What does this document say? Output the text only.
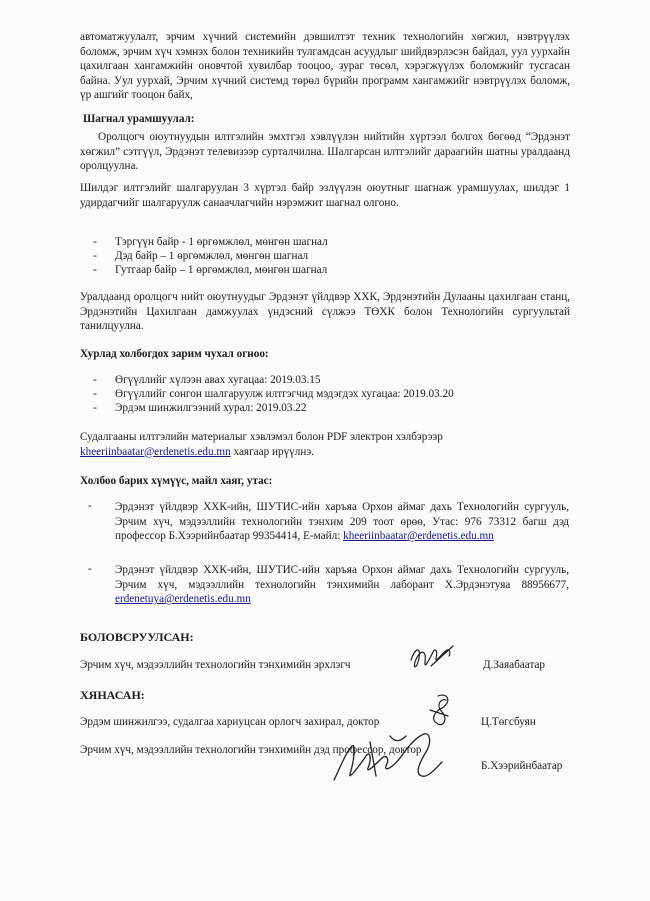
автоматжуулалт, эрчим хүчний системийн дэвшилтэт техник технологийн хөгжил, нэвтрүүлэх боломж, эрчим хүч хэмнэх болон техникийн тулгамдсан асуудлыг шийдвэрлэсэн байдал, уул уурхайн цахилгаан хангамжийн оновчтой хувилбар тооцоо, зураг төсөл, хэрэгжүүлэх боломжийг тусгасан байна. Уул уурхай, Эрчим хүчний системд төрөл бүрийн программ хангамжийг нэвтрүүлэх боломж, үр ашгийг тооцон байх,

Шагнал урамшуулал:

Оролцогч оюутнуудын илтгэлийн эмхтгэл хэвлүүлэн нийтийн хүртээл болгох бөгөөд “Эрдэнэт хөгжил” сэтгүүл, Эрдэнэт телевизээр сурталчилна. Шалгарсан илтгэлийг дараагийн шатны уралдаанд оролцуулна.

Шилдэг илтгэлийг шалгаруулан 3 хүртэл байр эзлүүлэн оюутныг шагнаж урамшуулах, шилдэг 1 удирдагчийг шалгаруулж санаачлагчийн нэрэмжит шагнал олгоно.

- Тэргүүн байр - 1 өргөмжлөл, мөнгөн шагнал
- Дэд байр – 1 өргөмжлөл, мөнгөн шагнал
- Гутгаар байр – 1 өргөмжлөл, мөнгөн шагнал

Уралдаанд оролцогч нийт оюутнуудыг Эрдэнэт үйлдвэр ХХК, Эрдэнэтийн Дулааны цахилгаан станц, Эрдэнэтийн Цахилгаан дамжуулах үндэсний сүлжээ ТӨХК болон Технологийн сургуультай танилцуулна.

Хурлад холбогдох зарим чухал огноо:

- Өгүүллийг хүлээн авах хугацаа: 2019.03.15
- Өгүүллийг сонгон шалгаруулж илтгэгчид мэдэгдэх хугацаа: 2019.03.20
- Эрдэм шинжилгээний хурал: 2019.03.22

Судалгааны илтгэлийн материалыг хэвлэмэл болон PDF электрон хэлбэрээр
kheeriinbaatar@erdenetis.edu.mn хаягаар ирүүлнэ.

Холбоо барих хүмүүс, майл хаяг, утас:

- Эрдэнэт үйлдвэр ХХК-ийн, ШУТИС-ийн харъяа Орхон аймаг дахь Технологийн сургууль, Эрчим хүч, мэдээллийн технологийн тэнхим 209 тоот өрөө, Утас: 976 73312 багш дэд профессор Б.Хээрийнбаатар 99354414, E-майл: kheeriinbaatar@erdenetis.edu.mn

- Эрдэнэт үйлдвэр ХХК-ийн, ШУТИС-ийн харъяа Орхон аймаг дахь Технологийн сургууль, Эрчим хүч, мэдээллийн технологийн тэнхимийн лаборант Х.Эрдэнэтуяа 88956677, erdenetuya@erdenetis.edu.mn

БОЛОВСРУУЛСАН:

Эрчим хүч, мэдээллийн технологийн тэнхимийн эрхлэгч	Д.Заяабаатар

ХЯНАСАН:

Эрдэм шинжилгээ, судалгаа хариуцсан орлогч захирал, доктор	Ц.Төгсбуян
Эрчим хүч, мэдээллийн технологийн тэнхимийн дэд профессор, доктор
Б.Хээрийнбаатар
